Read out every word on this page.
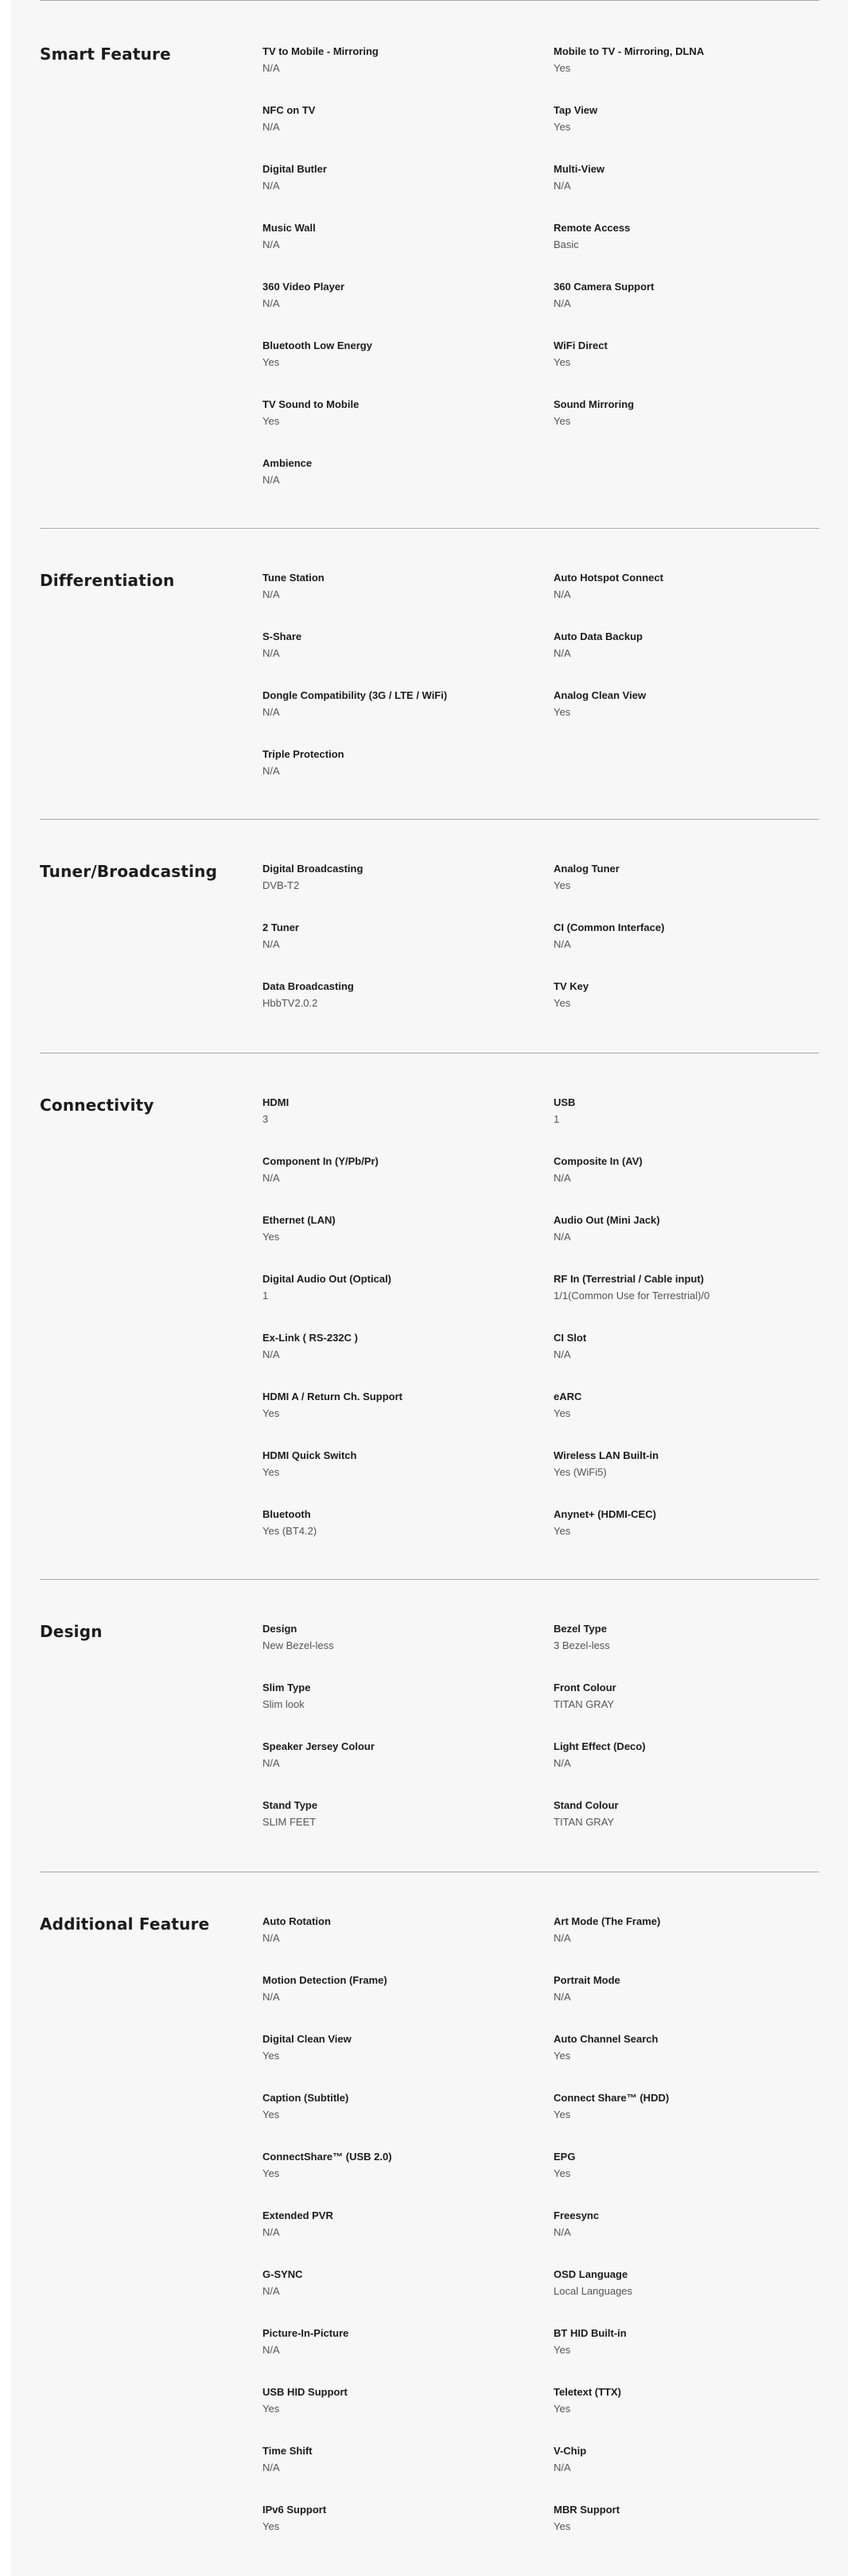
Smart Feature	TV to Mobile - Mirroring
N/A
Mobile to TV - Mirroring, DLNA
Yes
NFC on TV
N/A
Tap View
Yes
Digital Butler
N/A
Multi-View
N/A
Music Wall
N/A
Remote Access
Basic
360 Video Player
N/A
360 Camera Support
N/A
Bluetooth Low Energy
Yes
WiFi Direct
Yes
TV Sound to Mobile
Yes
Sound Mirroring
Yes
Ambience
N/A
Differentiation	Tune Station
N/A
Auto Hotspot Connect
N/A
S-Share
N/A
Auto Data Backup
N/A
Dongle Compatibility (3G / LTE / WiFi)
N/A
Analog Clean View
Yes
Triple Protection
N/A
Tuner/Broadcasting	Digital Broadcasting
DVB-T2
Analog Tuner
Yes
2 Tuner
N/A
CI (Common Interface)
N/A
Data Broadcasting
HbbTV2.0.2
TV Key
Yes
Connectivity	HDMI
3
USB
1
Component In (Y/Pb/Pr)
N/A
Composite In (AV)
N/A
Ethernet (LAN)
Yes
Audio Out (Mini Jack)
N/A
Digital Audio Out (Optical)
1
RF In (Terrestrial / Cable input)
1/1(Common Use for Terrestrial)/0
Ex-Link ( RS-232C )
N/A
CI Slot
N/A
HDMI A / Return Ch. Support
Yes
eARC
Yes
HDMI Quick Switch
Yes
Wireless LAN Built-in
Yes (WiFi5)
Bluetooth
Yes (BT4.2)
Anynet+ (HDMI-CEC)
Yes
Design	Design
New Bezel-less
Bezel Type
3 Bezel-less
Slim Type
Slim look
Front Colour
TITAN GRAY
Speaker Jersey Colour
N/A
Light Effect (Deco)
N/A
Stand Type
SLIM FEET
Stand Colour
TITAN GRAY
Additional Feature	Auto Rotation
N/A
Art Mode (The Frame)
N/A
Motion Detection (Frame)
N/A
Portrait Mode
N/A
Digital Clean View
Yes
Auto Channel Search
Yes
Caption (Subtitle)
Yes
Connect Share™ (HDD)
Yes
ConnectShare™ (USB 2.0)
Yes
EPG
Yes
Extended PVR
N/A
Freesync
N/A
G-SYNC
N/A
OSD Language
Local Languages
Picture-In-Picture
N/A
BT HID Built-in
Yes
USB HID Support
Yes
Teletext (TTX)
Yes
Time Shift
N/A
V-Chip
N/A
IPv6 Support
Yes
MBR Support
Yes
